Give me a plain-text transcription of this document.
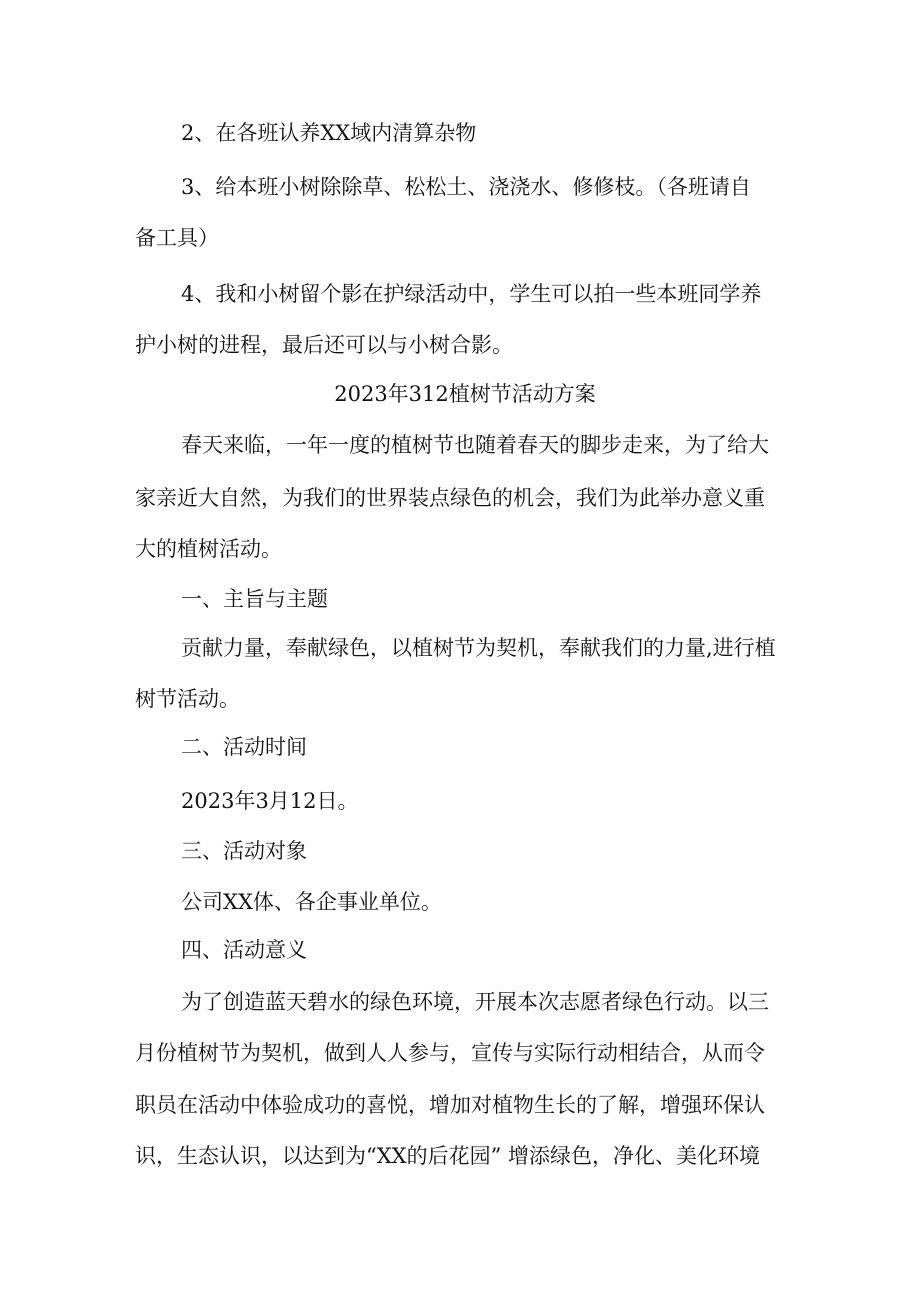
2、在各班认养XX域内清算杂物
3、给本班小树除除草、松松土、浇浇水、修修枝。（各班请自
备工具）
4、我和小树留个影在护绿活动中，学生可以拍一些本班同学养
护小树的进程，最后还可以与小树合影。
2023年312植树节活动方案
春天来临，一年一度的植树节也随着春天的脚步走来，为了给大
家亲近大自然，为我们的世界装点绿色的机会，我们为此举办意义重
大的植树活动。
一、主旨与主题
贡献力量，奉献绿色，以植树节为契机，奉献我们的力量,进行植
树节活动。
二、活动时间
2023年3月12日。
三、活动对象
公司XX体、各企事业单位。
四、活动意义
为了创造蓝天碧水的绿色环境，开展本次志愿者绿色行动。以三
月份植树节为契机，做到人人参与，宣传与实际行动相结合，从而令
职员在活动中体验成功的喜悦，增加对植物生长的了解，增强环保认
识，生态认识，以达到为“XX的后花园” 增添绿色，净化、美化环境
